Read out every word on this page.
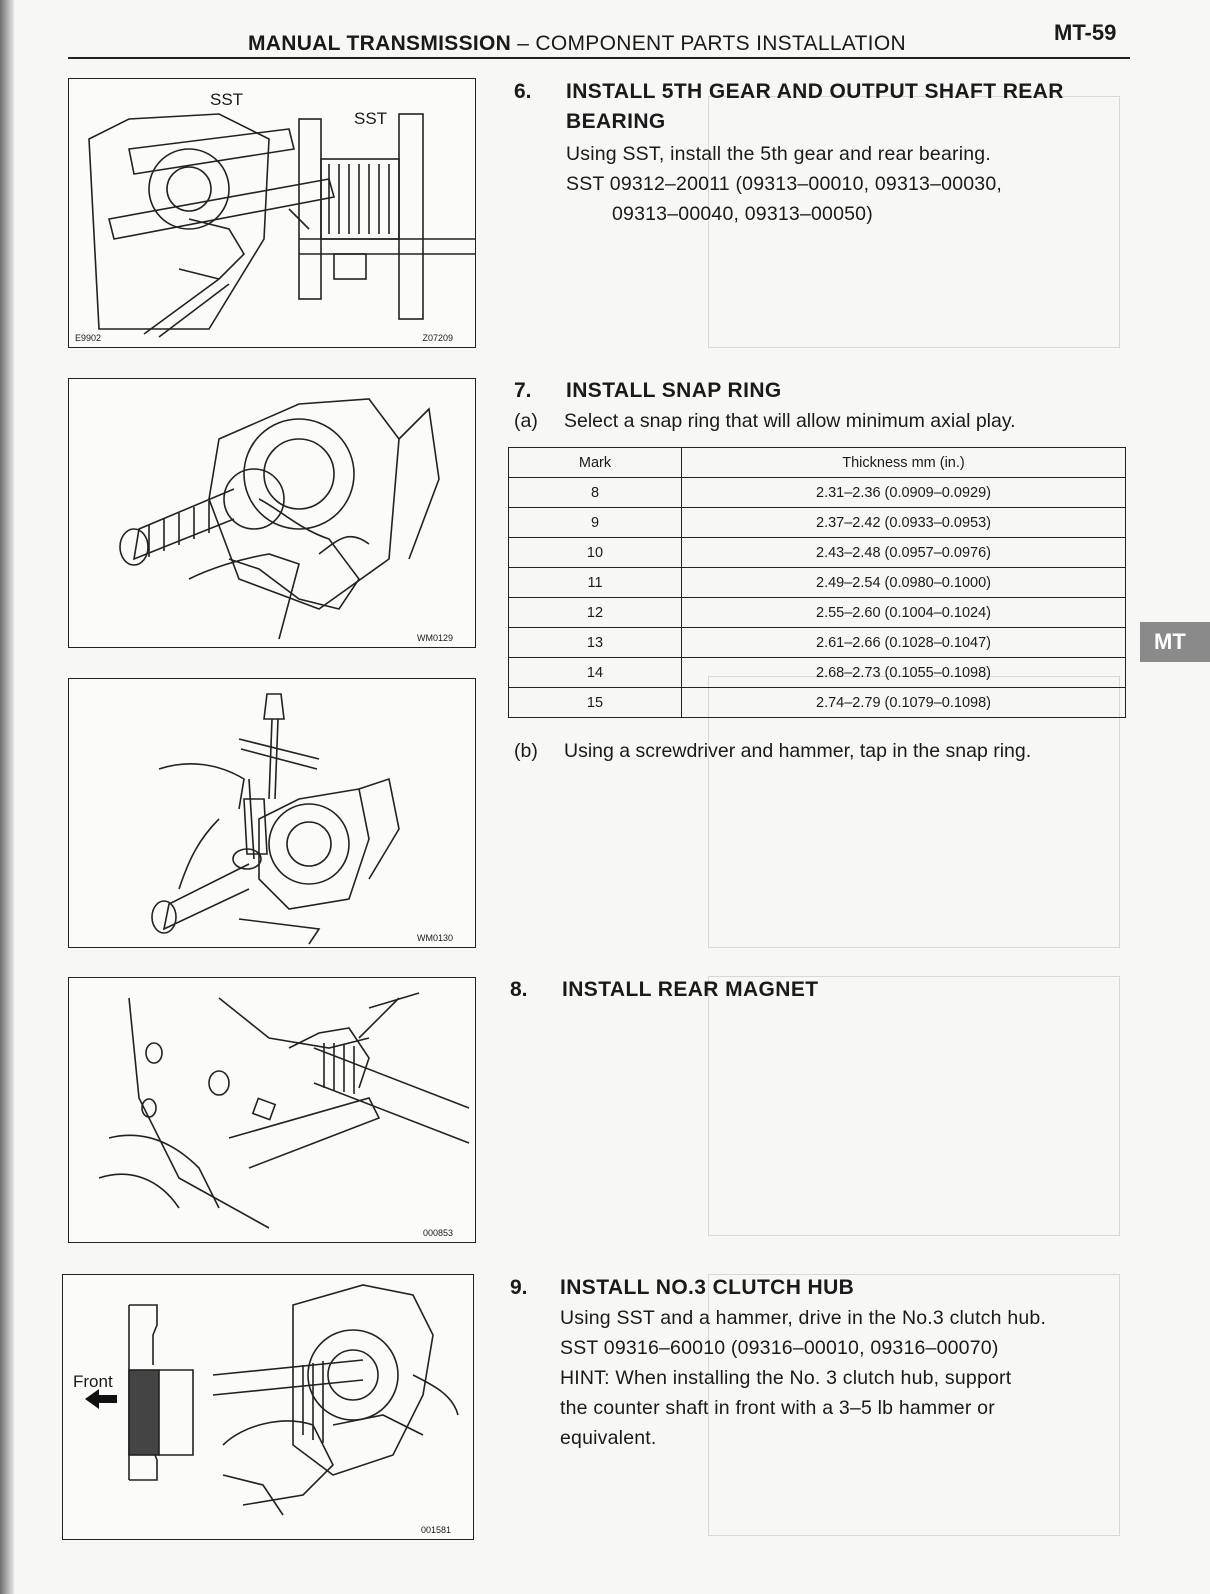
MANUAL TRANSMISSION – COMPONENT PARTS INSTALLATION	MT-59
MT
SST
SST
E9902	Z07209
6. INSTALL 5TH GEAR AND OUTPUT SHAFT REAR
BEARING
Using SST, install the 5th gear and rear bearing.
SST 09312–20011 (09313–00010, 09313–00030,
09313–00040, 09313–00050)
WM0129
7. INSTALL SNAP RING
(a) Select a snap ring that will allow minimum axial play.
Mark	Thickness mm (in.)
8	2.31–2.36 (0.0909–0.0929)
9	2.37–2.42 (0.0933–0.0953)
10	2.43–2.48 (0.0957–0.0976)
11	2.49–2.54 (0.0980–0.1000)
12	2.55–2.60 (0.1004–0.1024)
13	2.61–2.66 (0.1028–0.1047)
14	2.68–2.73 (0.1055–0.1098)
15	2.74–2.79 (0.1079–0.1098)
(b) Using a screwdriver and hammer, tap in the snap ring.
WM0130
000853
8. INSTALL REAR MAGNET
Front
001581
9. INSTALL NO.3 CLUTCH HUB
Using SST and a hammer, drive in the No.3 clutch hub.
SST 09316–60010 (09316–00010, 09316–00070)
HINT: When installing the No. 3 clutch hub, support
the counter shaft in front with a 3–5 lb hammer or
equivalent.
